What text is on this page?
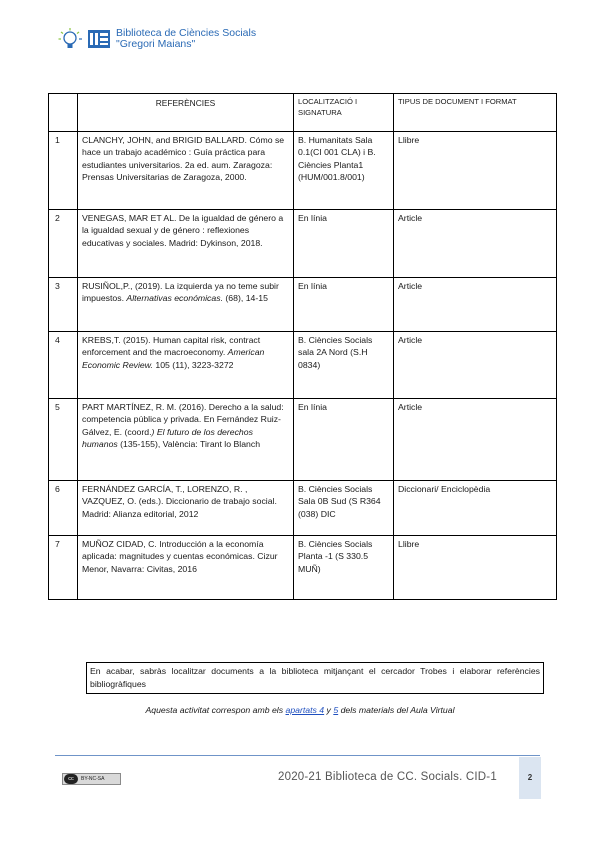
Biblioteca de Ciències Socials
"Gregori Maians"
	REFERÈNCIES	LOCALITZACIÓ I SIGNATURA	TIPUS DE DOCUMENT I FORMAT
1	CLANCHY, JOHN, and BRIGID BALLARD. Cómo se hace un trabajo académico : Guía práctica para estudiantes universitarios. 2a ed. aum. Zaragoza: Prensas Universitarias de Zaragoza, 2000.	B. Humanitats Sala 0.1(CI 001 CLA) i B. Ciències Planta1 (HUM/001.8/001)	Llibre
2	VENEGAS, MAR ET AL. De la igualdad de género a la igualdad sexual y de género : reflexiones educativas y sociales. Madrid: Dykinson, 2018.	En línia	Article
3	RUSIÑOL,P., (2019). La izquierda ya no teme subir impuestos. Alternativas económicas. (68), 14-15	En línia	Article
4	KREBS,T. (2015). Human capital risk, contract enforcement and the macroeconomy. American Economic Review. 105 (11), 3223-3272	B. Ciències Socials sala 2A Nord (S.H 0834)	Article
5	PART MARTÍNEZ, R. M. (2016). Derecho a la salud: competencia pública y privada. En Fernández Ruiz-Gálvez, E. (coord.) El futuro de los derechos humanos (135-155), València: Tirant lo Blanch	En línia	Article
6	FERNÁNDEZ GARCÍA, T., LORENZO, R. , VAZQUEZ, O. (eds.). Diccionario de trabajo social. Madrid: Alianza editorial, 2012	B. Ciències Socials Sala 0B Sud (S R364 (038) DIC	Diccionari/ Enciclopèdia
7	MUÑOZ CIDAD, C. Introducción a la economía aplicada: magnitudes y cuentas económicas. Cizur Menor, Navarra: Civitas, 2016	B. Ciències Socials Planta -1 (S 330.5 MUÑ)	Llibre
En acabar, sabràs localitzar documents a la biblioteca mitjançant el cercador Trobes i elaborar referències bibliogràfiques
Aquesta activitat correspon amb els apartats 4 y 5 dels materials del Aula Virtual
cc	BY-NC-SA	2020-21 Biblioteca de CC. Socials. CID-1	2
